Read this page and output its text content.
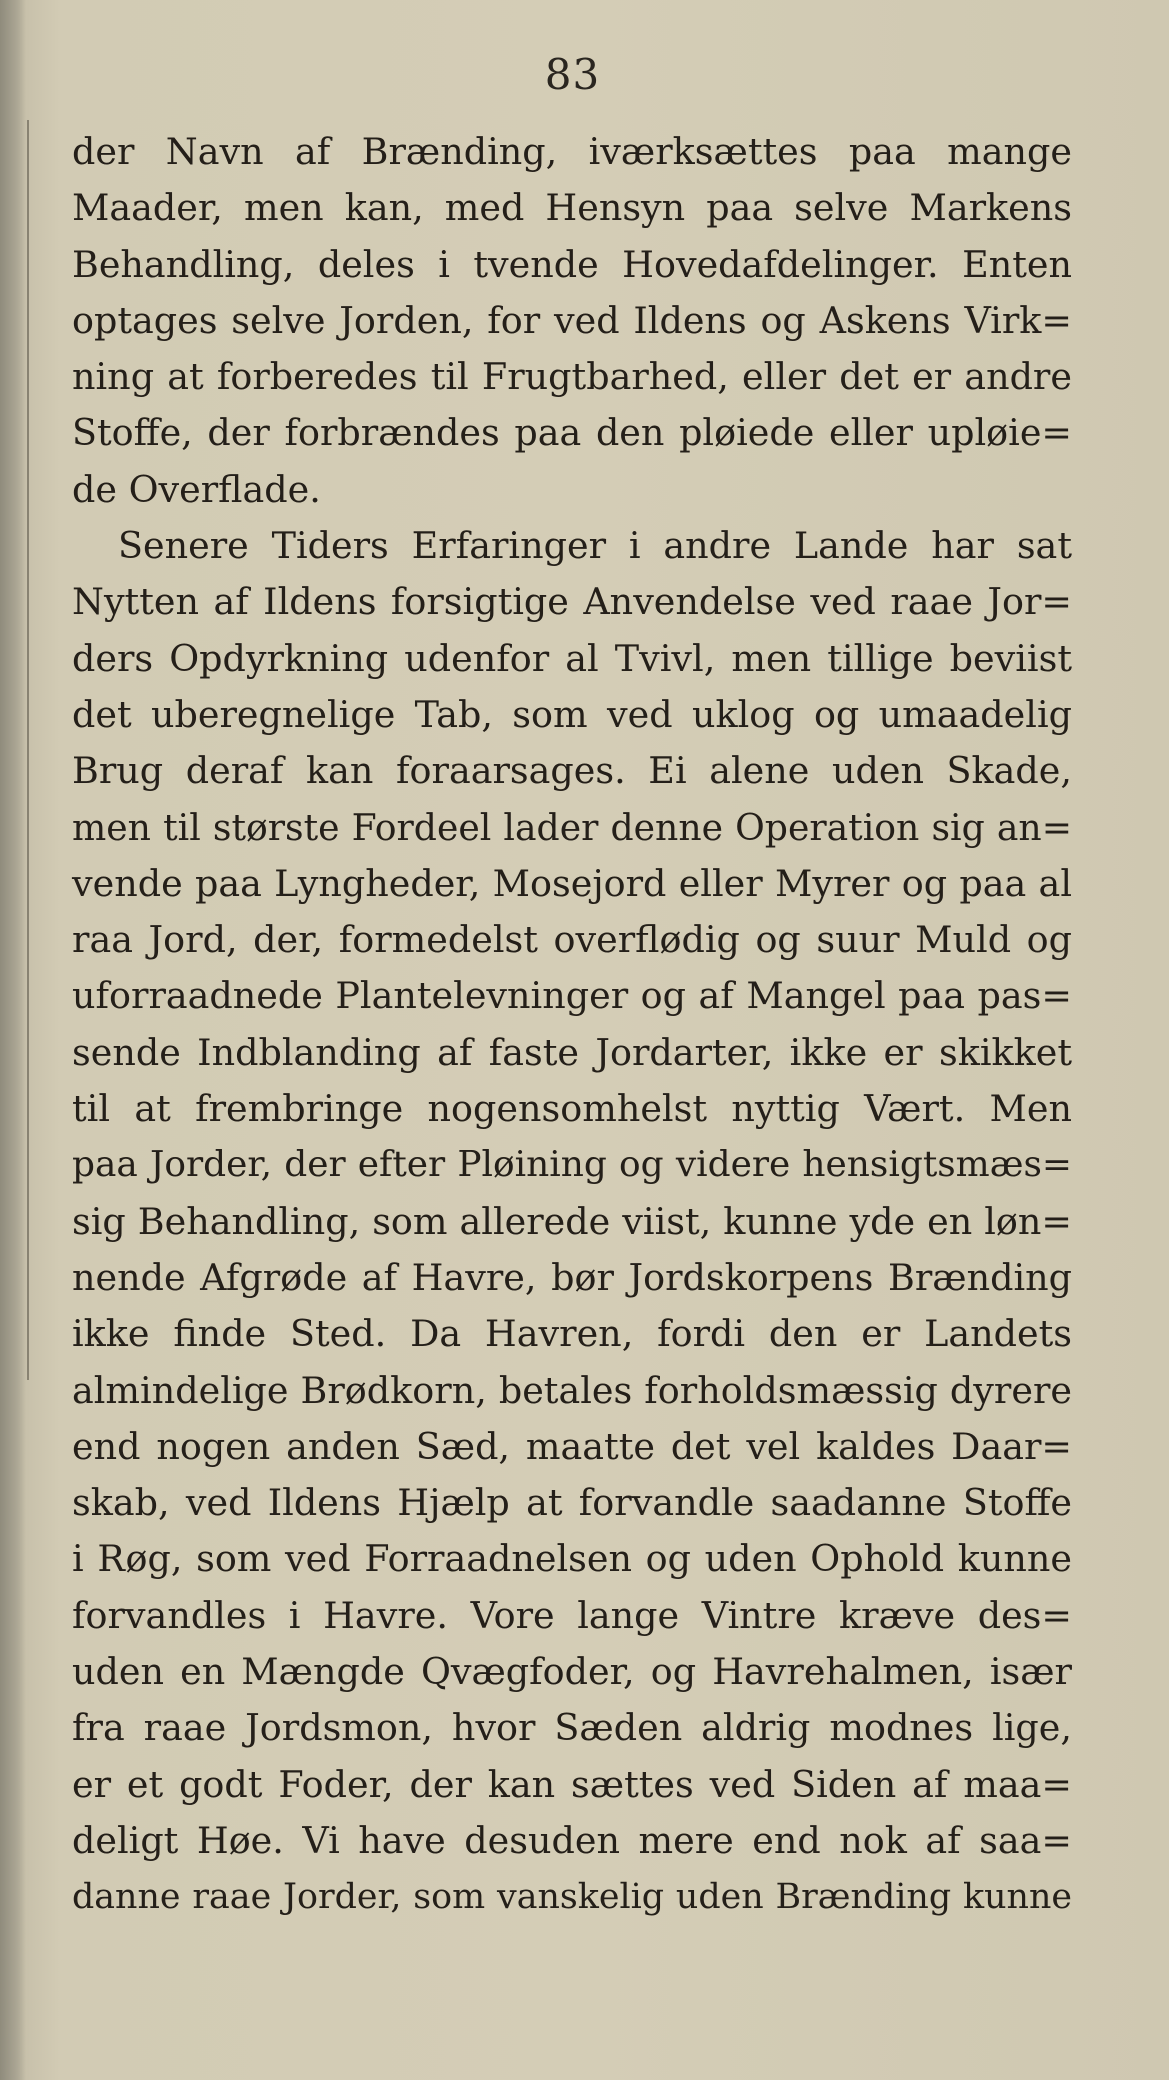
83
der Navn af Brænding, iværksættes paa mange
Maader, men kan, med Hensyn paa selve Markens
Behandling, deles i tvende Hovedafdelinger. Enten
optages selve Jorden, for ved Ildens og Askens Virk=
ning at forberedes til Frugtbarhed, eller det er andre
Stoffe, der forbrændes paa den pløiede eller upløie=
de Overflade.
Senere Tiders Erfaringer i andre Lande har sat
Nytten af Ildens forsigtige Anvendelse ved raae Jor=
ders Opdyrkning udenfor al Tvivl, men tillige beviist
det uberegnelige Tab, som ved uklog og umaadelig
Brug deraf kan foraarsages. Ei alene uden Skade,
men til største Fordeel lader denne Operation sig an=
vende paa Lyngheder, Mosejord eller Myrer og paa al
raa Jord, der, formedelst overflødig og suur Muld og
uforraadnede Plantelevninger og af Mangel paa pas=
sende Indblanding af faste Jordarter, ikke er skikket
til at frembringe nogensomhelst nyttig Vært. Men
paa Jorder, der efter Pløining og videre hensigtsmæs=
sig Behandling, som allerede viist, kunne yde en løn=
nende Afgrøde af Havre, bør Jordskorpens Brænding
ikke finde Sted. Da Havren, fordi den er Landets
almindelige Brødkorn, betales forholdsmæssig dyrere
end nogen anden Sæd, maatte det vel kaldes Daar=
skab, ved Ildens Hjælp at forvandle saadanne Stoffe
i Røg, som ved Forraadnelsen og uden Ophold kunne
forvandles i Havre. Vore lange Vintre kræve des=
uden en Mængde Qvægfoder, og Havrehalmen, især
fra raae Jordsmon, hvor Sæden aldrig modnes lige,
er et godt Foder, der kan sættes ved Siden af maa=
deligt Høe. Vi have desuden mere end nok af saa=
danne raae Jorder, som vanskelig uden Brænding kunne
